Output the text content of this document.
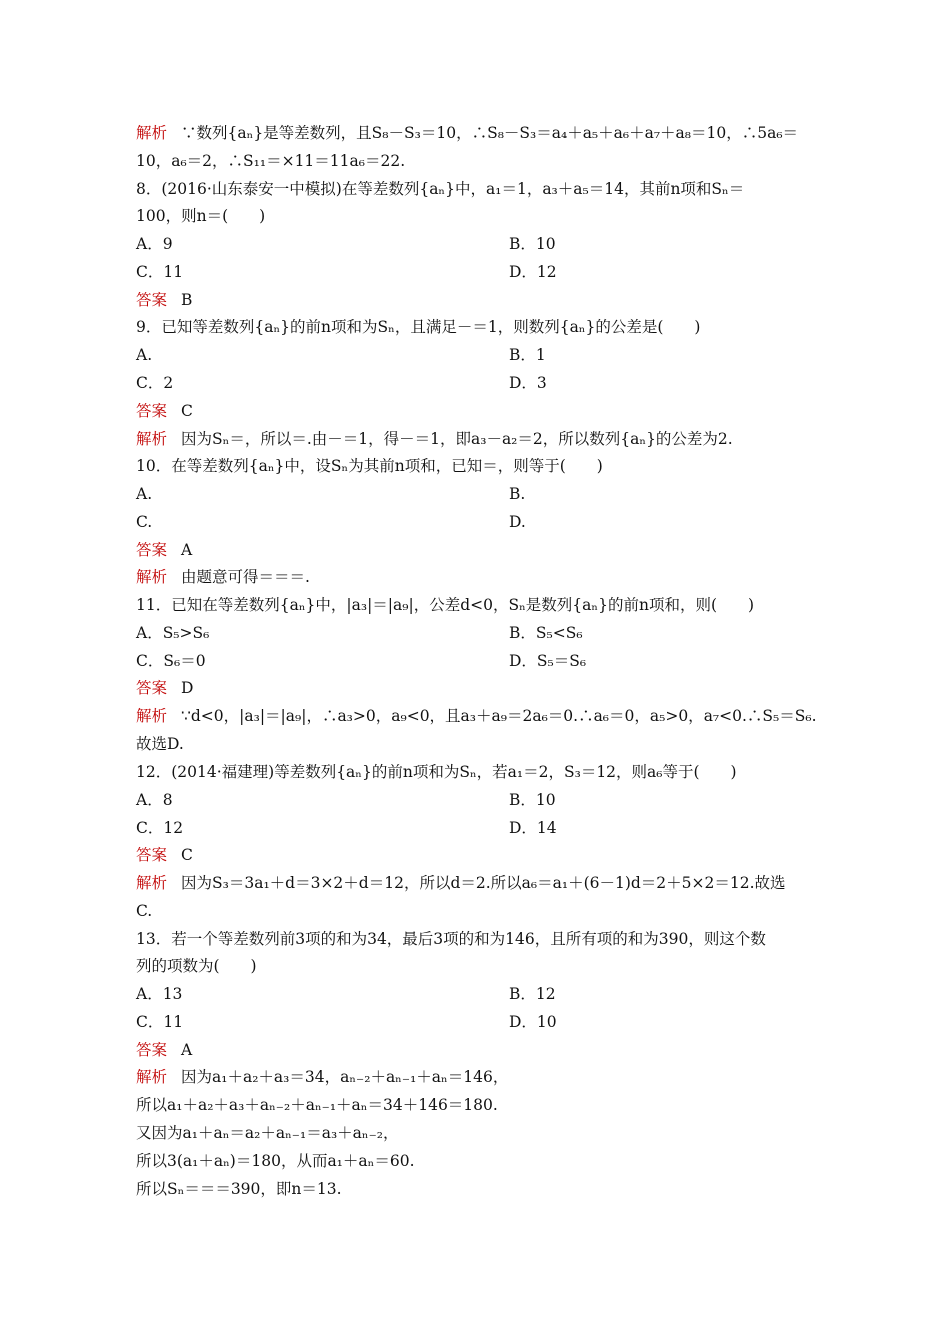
解析 ∵数列{aₙ}是等差数列，且S₈－S₃＝10，∴S₈－S₃＝a₄＋a₅＋a₆＋a₇＋a₈＝10，∴5a₆＝
10，a₆＝2，∴S₁₁＝×11＝11a₆＝22.
8．(2016·山东泰安一中模拟)在等差数列{aₙ}中，a₁＝1，a₃＋a₅＝14，其前n项和Sₙ＝
100，则n＝(　　)
A．9	B．10
C．11	D．12
答案 B
9．已知等差数列{aₙ}的前n项和为Sₙ，且满足－＝1，则数列{aₙ}的公差是(　　)
A.	B．1
C．2	D．3
答案 C
解析 因为Sₙ＝，所以＝.由－＝1，得－＝1，即a₃－a₂＝2，所以数列{aₙ}的公差为2.
10．在等差数列{aₙ}中，设Sₙ为其前n项和，已知＝，则等于(　　)
A.	B.
C.	D.
答案 A
解析 由题意可得＝＝＝.
11．已知在等差数列{aₙ}中，|a₃|＝|a₉|，公差d<0，Sₙ是数列{aₙ}的前n项和，则(　　)
A．S₅>S₆	B．S₅<S₆
C．S₆＝0	D．S₅＝S₆
答案 D
解析 ∵d<0，|a₃|＝|a₉|，∴a₃>0，a₉<0，且a₃＋a₉＝2a₆＝0.∴a₆＝0，a₅>0，a₇<0.∴S₅＝S₆.
故选D.
12．(2014·福建理)等差数列{aₙ}的前n项和为Sₙ，若a₁＝2，S₃＝12，则a₆等于(　　)
A．8	B．10
C．12	D．14
答案 C
解析 因为S₃＝3a₁＋d＝3×2＋d＝12，所以d＝2.所以a₆＝a₁＋(6－1)d＝2＋5×2＝12.故选
C.
13．若一个等差数列前3项的和为34，最后3项的和为146，且所有项的和为390，则这个数
列的项数为(　　)
A．13	B．12
C．11	D．10
答案 A
解析 因为a₁＋a₂＋a₃＝34，aₙ₋₂＋aₙ₋₁＋aₙ＝146，
所以a₁＋a₂＋a₃＋aₙ₋₂＋aₙ₋₁＋aₙ＝34＋146＝180.
又因为a₁＋aₙ＝a₂＋aₙ₋₁＝a₃＋aₙ₋₂，
所以3(a₁＋aₙ)＝180，从而a₁＋aₙ＝60.
所以Sₙ＝＝＝390，即n＝13.
